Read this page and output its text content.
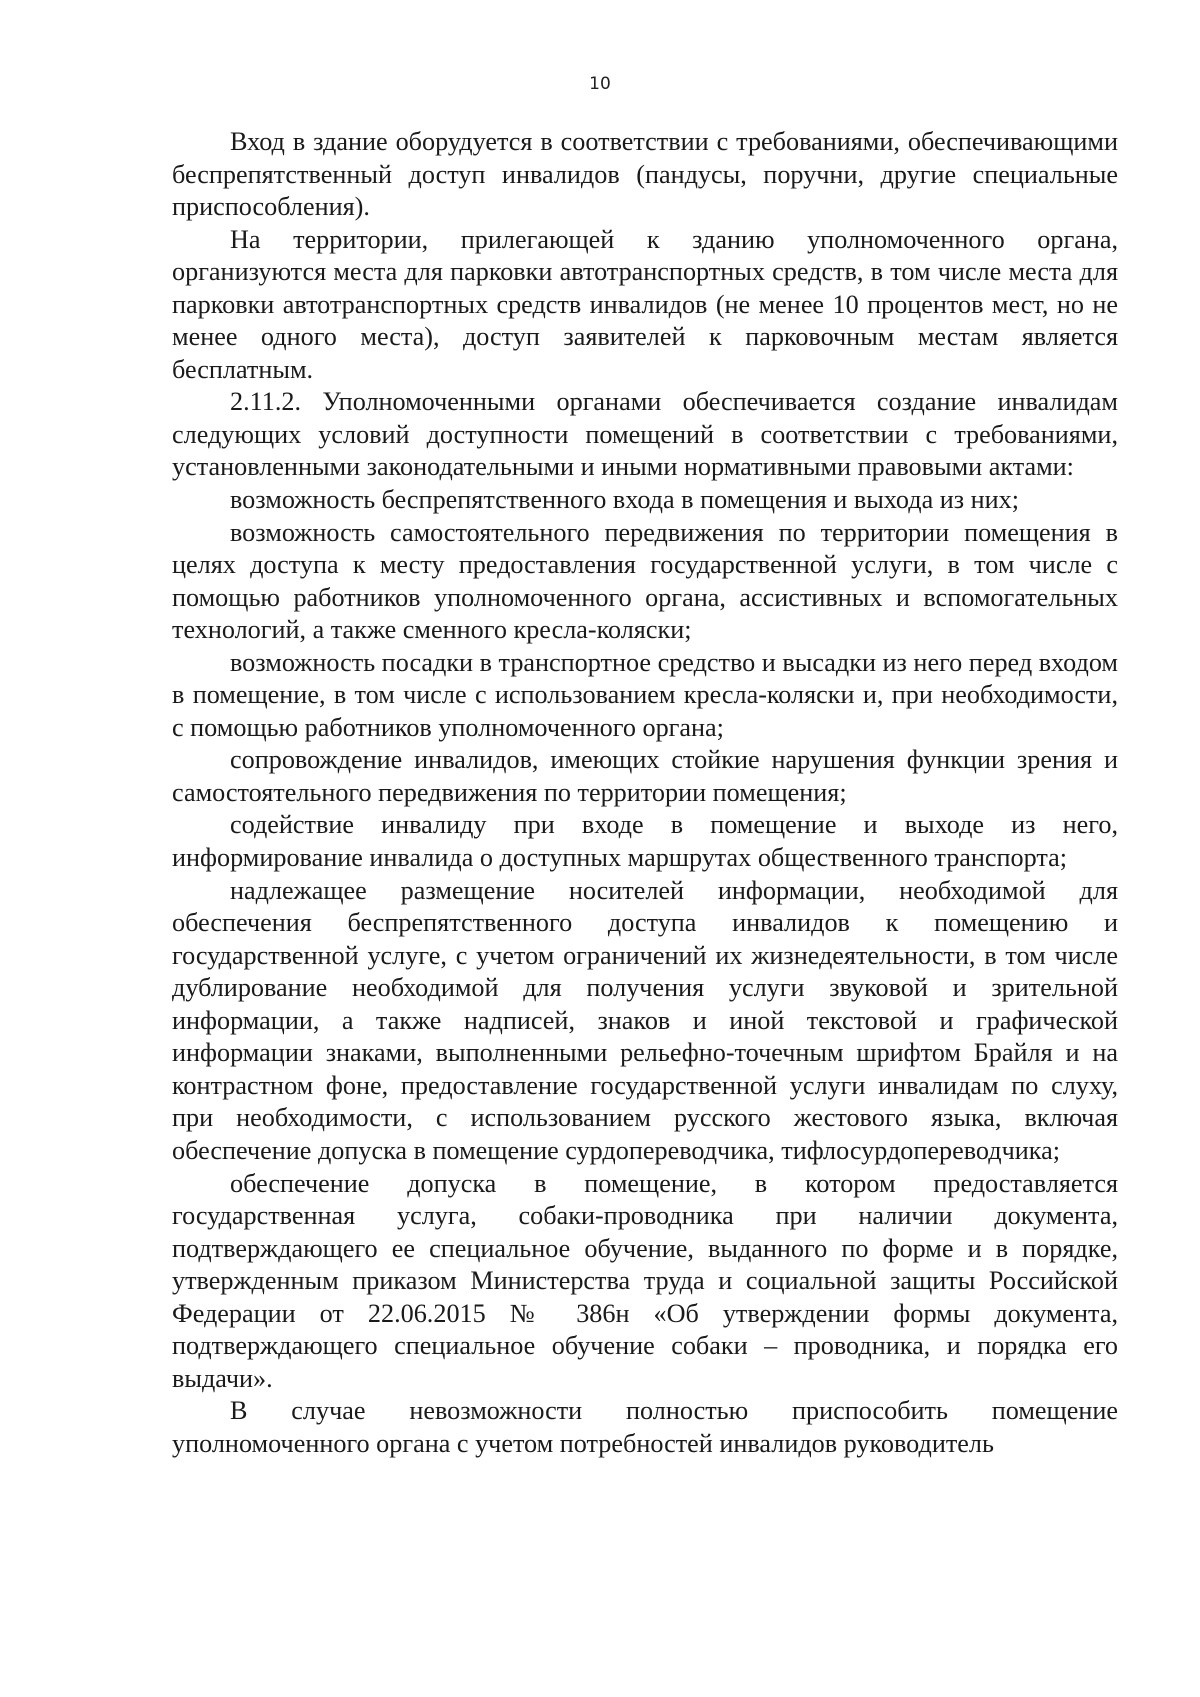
10

Вход в здание оборудуется в соответствии с требованиями, обеспечивающими беспрепятственный доступ инвалидов (пандусы, поручни, другие специальные приспособления).

На территории, прилегающей к зданию уполномоченного органа, организуются места для парковки автотранспортных средств, в том числе места для парковки автотранспортных средств инвалидов (не менее 10 процентов мест, но не менее одного места), доступ заявителей к парковочным местам является бесплатным.

2.11.2. Уполномоченными органами обеспечивается создание инвалидам следующих условий доступности помещений в соответствии с требованиями, установленными законодательными и иными нормативными правовыми актами:

возможность беспрепятственного входа в помещения и выхода из них;

возможность самостоятельного передвижения по территории помещения в целях доступа к месту предоставления государственной услуги, в том числе с помощью работников уполномоченного органа, ассистивных и вспомогательных технологий, а также сменного кресла-коляски;

возможность посадки в транспортное средство и высадки из него перед входом в помещение, в том числе с использованием кресла-коляски и, при необходимости, с помощью работников уполномоченного органа;

сопровождение инвалидов, имеющих стойкие нарушения функции зрения и самостоятельного передвижения по территории помещения;

содействие инвалиду при входе в помещение и выходе из него, информирование инвалида о доступных маршрутах общественного транспорта;

надлежащее размещение носителей информации, необходимой для обеспечения беспрепятственного доступа инвалидов к помещению и государственной услуге, с учетом ограничений их жизнедеятельности, в том числе дублирование необходимой для получения услуги звуковой и зрительной информации, а также надписей, знаков и иной текстовой и графической информации знаками, выполненными рельефно-точечным шрифтом Брайля и на контрастном фоне, предоставление государственной услуги инвалидам по слуху, при необходимости, с использованием русского жестового языка, включая обеспечение допуска в помещение сурдопереводчика, тифлосурдопереводчика;

обеспечение допуска в помещение, в котором предоставляется государственная услуга, собаки-проводника при наличии документа, подтверждающего ее специальное обучение, выданного по форме и в порядке, утвержденным приказом Министерства труда и социальной защиты Российской Федерации от 22.06.2015 № 386н «Об утверждении формы документа, подтверждающего специальное обучение собаки – проводника, и порядка его выдачи».

В случае невозможности полностью приспособить помещение уполномоченного органа с учетом потребностей инвалидов руководитель
